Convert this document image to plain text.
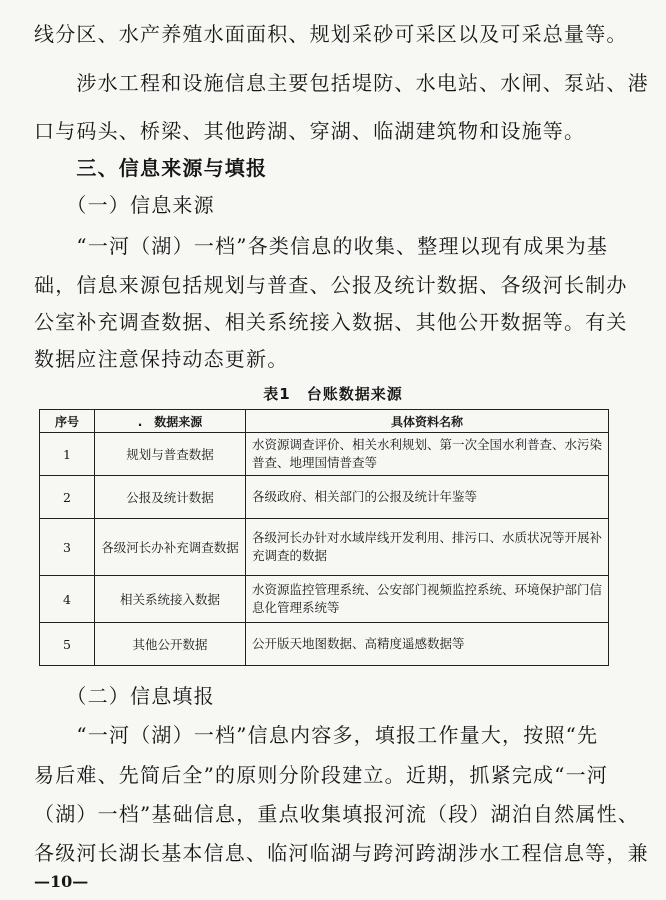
线分区、水产养殖水面面积、规划采砂可采区以及可采总量等。
　　涉水工程和设施信息主要包括堤防、水电站、水闸、泵站、港
口与码头、桥梁、其他跨湖、穿湖、临湖建筑物和设施等。
　　三、信息来源与填报
　　（一）信息来源
　　“一河（湖）一档”各类信息的收集、整理以现有成果为基
础，信息来源包括规划与普查、公报及统计数据、各级河长制办
公室补充调查数据、相关系统接入数据、其他公开数据等。有关
数据应注意保持动态更新。
表1　台账数据来源
序号	.　数据来源	具体资料名称
1	规划与普查数据	水资源调查评价、相关水利规划、第一次全国水利普查、水污染普查、地理国情普查等
2	公报及统计数据	各级政府、相关部门的公报及统计年鉴等
3	各级河长办补充调查数据	各级河长办针对水域岸线开发利用、排污口、水质状况等开展补充调查的数据
4	相关系统接入数据	水资源监控管理系统、公安部门视频监控系统、环境保护部门信息化管理系统等
5	其他公开数据	公开版天地图数据、高精度遥感数据等
　　（二）信息填报
　　“一河（湖）一档”信息内容多，填报工作量大，按照“先
易后难、先简后全”的原则分阶段建立。近期，抓紧完成“一河
（湖）一档”基础信息，重点收集填报河流（段）湖泊自然属性、
各级河长湖长基本信息、临河临湖与跨河跨湖涉水工程信息等，兼
—10—
